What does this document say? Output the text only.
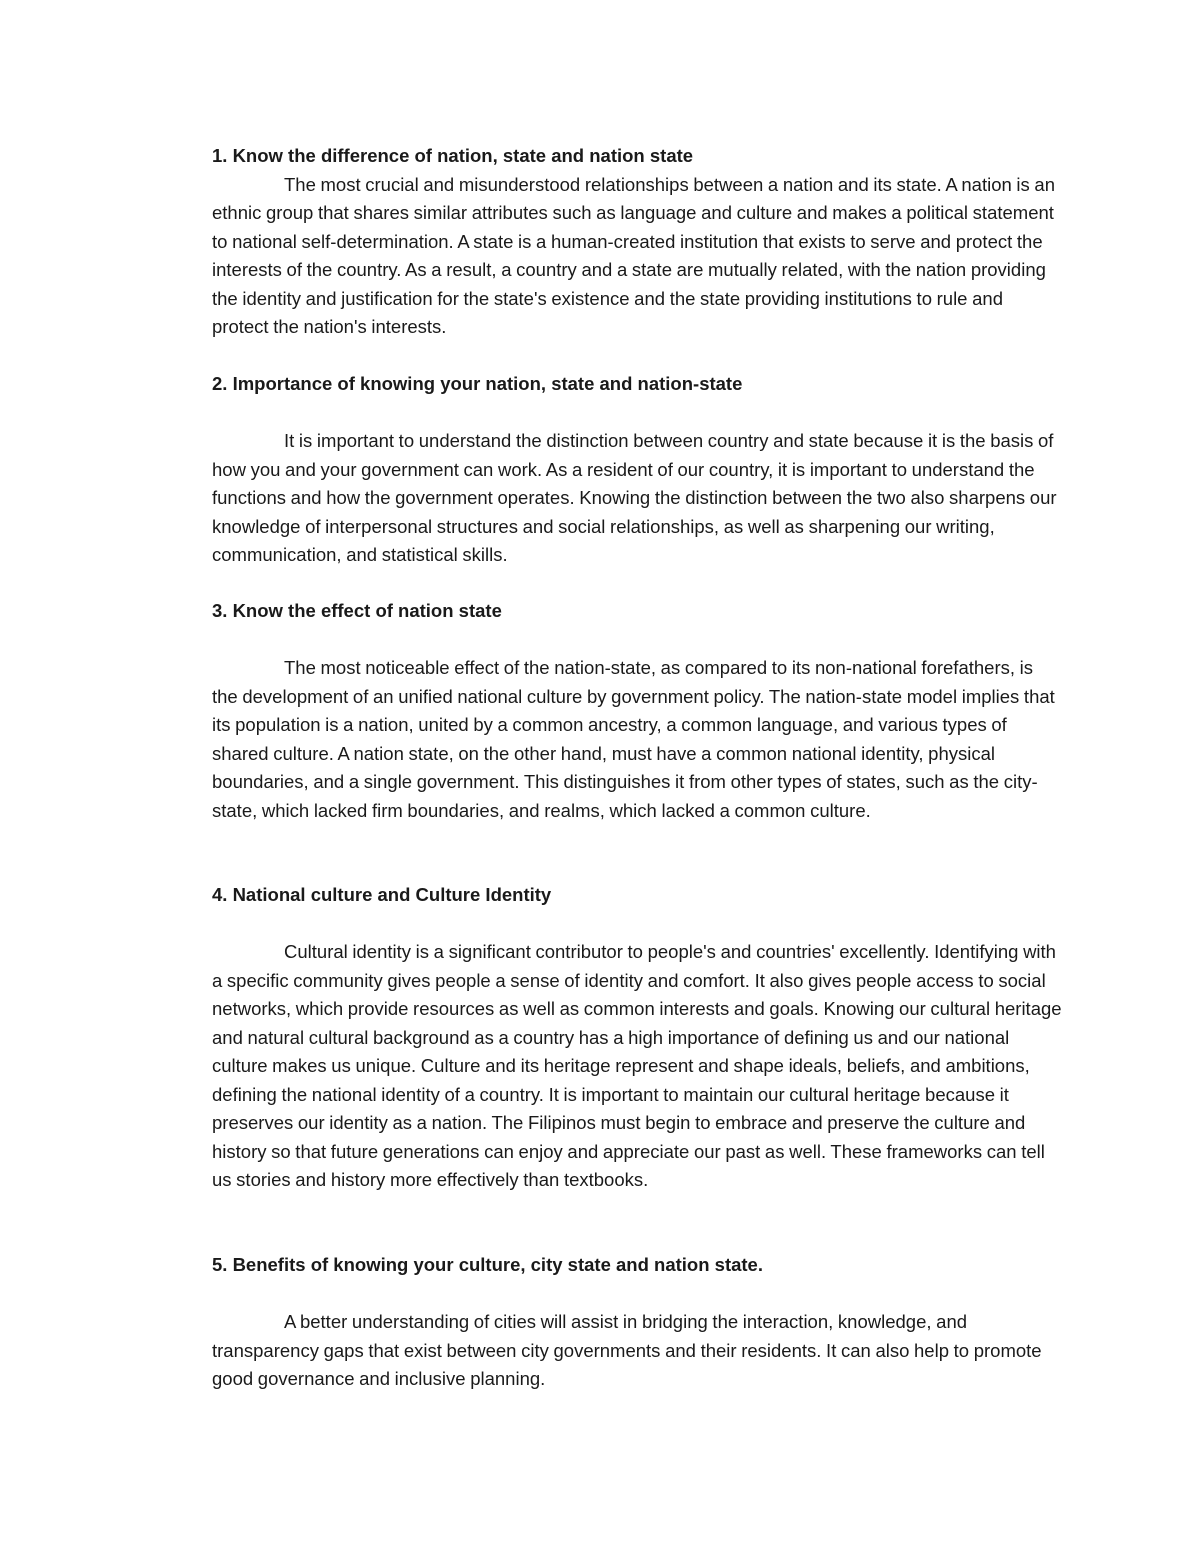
1. Know the difference of nation, state and nation state

The most crucial and misunderstood relationships between a nation and its state. A nation is an ethnic group that shares similar attributes such as language and culture and makes a political statement to national self-determination. A state is a human-created institution that exists to serve and protect the interests of the country. As a result, a country and a state are mutually related, with the nation providing the identity and justification for the state's existence and the state providing institutions to rule and protect the nation's interests.

2. Importance of knowing your nation, state and nation-state

It is important to understand the distinction between country and state because it is the basis of how you and your government can work. As a resident of our country, it is important to understand the functions and how the government operates. Knowing the distinction between the two also sharpens our knowledge of interpersonal structures and social relationships, as well as sharpening our writing, communication, and statistical skills.

3. Know the effect of nation state

The most noticeable effect of the nation-state, as compared to its non-national forefathers, is the development of an unified national culture by government policy. The nation-state model implies that its population is a nation, united by a common ancestry, a common language, and various types of shared culture. A nation state, on the other hand, must have a common national identity, physical boundaries, and a single government. This distinguishes it from other types of states, such as the city-state, which lacked firm boundaries, and realms, which lacked a common culture.

4. National culture and Culture Identity

Cultural identity is a significant contributor to people's and countries' excellently. Identifying with a specific community gives people a sense of identity and comfort. It also gives people access to social networks, which provide resources as well as common interests and goals. Knowing our cultural heritage and natural cultural background as a country has a high importance of defining us and our national culture makes us unique. Culture and its heritage represent and shape ideals, beliefs, and ambitions, defining the national identity of a country. It is important to maintain our cultural heritage because it preserves our identity as a nation. The Filipinos must begin to embrace and preserve the culture and history so that future generations can enjoy and appreciate our past as well. These frameworks can tell us stories and history more effectively than textbooks.

5. Benefits of knowing your culture, city state and nation state.

A better understanding of cities will assist in bridging the interaction, knowledge, and transparency gaps that exist between city governments and their residents. It can also help to promote good governance and inclusive planning.
